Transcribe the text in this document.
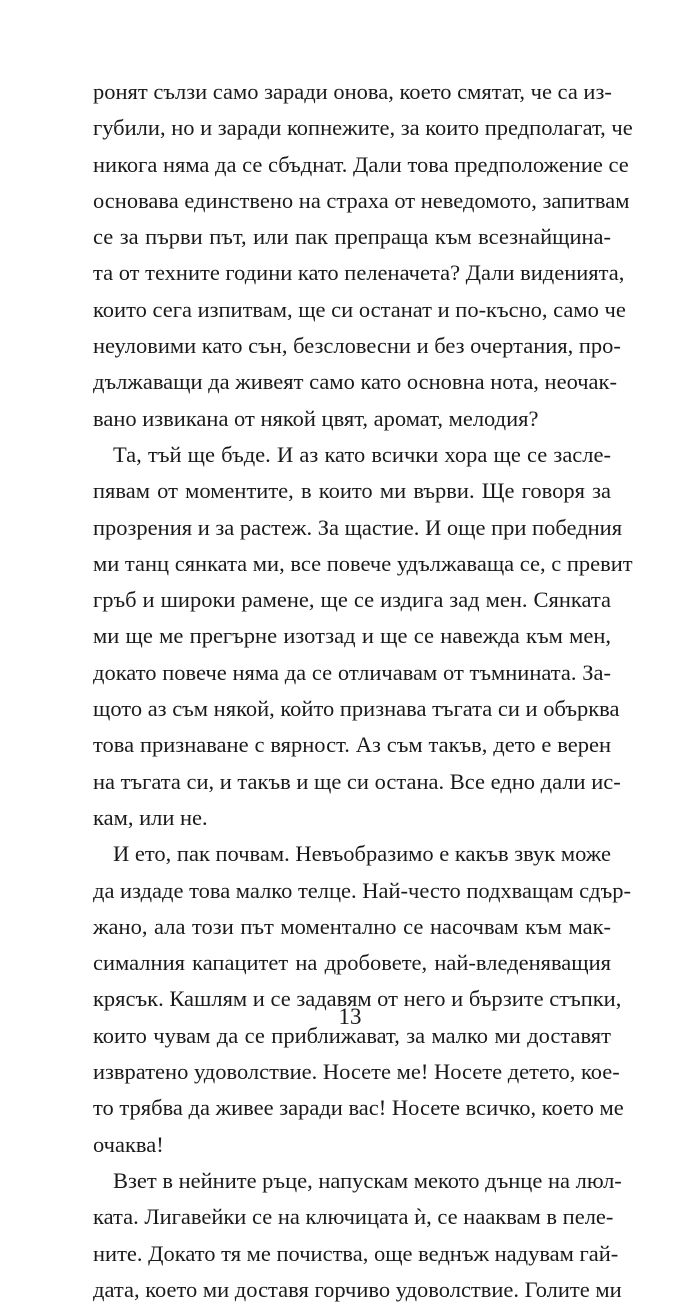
ронят сълзи само заради онова, което смятат, че са из-
губили, но и заради копнежите, за които предполагат, че
никога няма да се сбъднат. Дали това предположение се
основава единствено на страха от неведомото, запитвам
се за първи път, или пак препраща към всезнайщина-
та от техните години като пеленачета? Дали виденията,
които сега изпитвам, ще си останат и по-късно, само че
неуловими като сън, безсловесни и без очертания, про-
дължаващи да живеят само като основна нота, неочак-
вано извикана от някой цвят, аромат, мелодия?
Та, тъй ще бъде. И аз като всички хора ще се засле-
пявам от моментите, в които ми върви. Ще говоря за
прозрения и за растеж. За щастие. И още при победния
ми танц сянката ми, все повече удължаваща се, с превит
гръб и широки рамене, ще се издига зад мен. Сянката
ми ще ме прегърне изотзад и ще се навежда към мен,
докато повече няма да се отличавам от тъмнината. За-
щото аз съм някой, който признава тъгата си и обърква
това признаване с вярност. Аз съм такъв, дето е верен
на тъгата си, и такъв и ще си остана. Все едно дали ис-
кам, или не.
И ето, пак почвам. Невъобразимо е какъв звук може
да издаде това малко телце. Най-често подхващам сдър-
жано, ала този път моментално се насочвам към мак-
сималния капацитет на дробовете, най-вледеняващия
крясък. Кашлям и се задавям от него и бързите стъпки,
които чувам да се приближават, за малко ми доставят
извратено удоволствие. Носете ме! Носете детето, кое-
то трябва да живее заради вас! Носете всичко, което ме
очаква!
Взет в нейните ръце, напускам мекото дънце на люл-
ката. Лигавейки се на ключицата ѝ, се нааквам в пеле-
ните. Докато тя ме почиства, още веднъж надувам гай-
дата, което ми доставя горчиво удоволствие. Голите ми
13
